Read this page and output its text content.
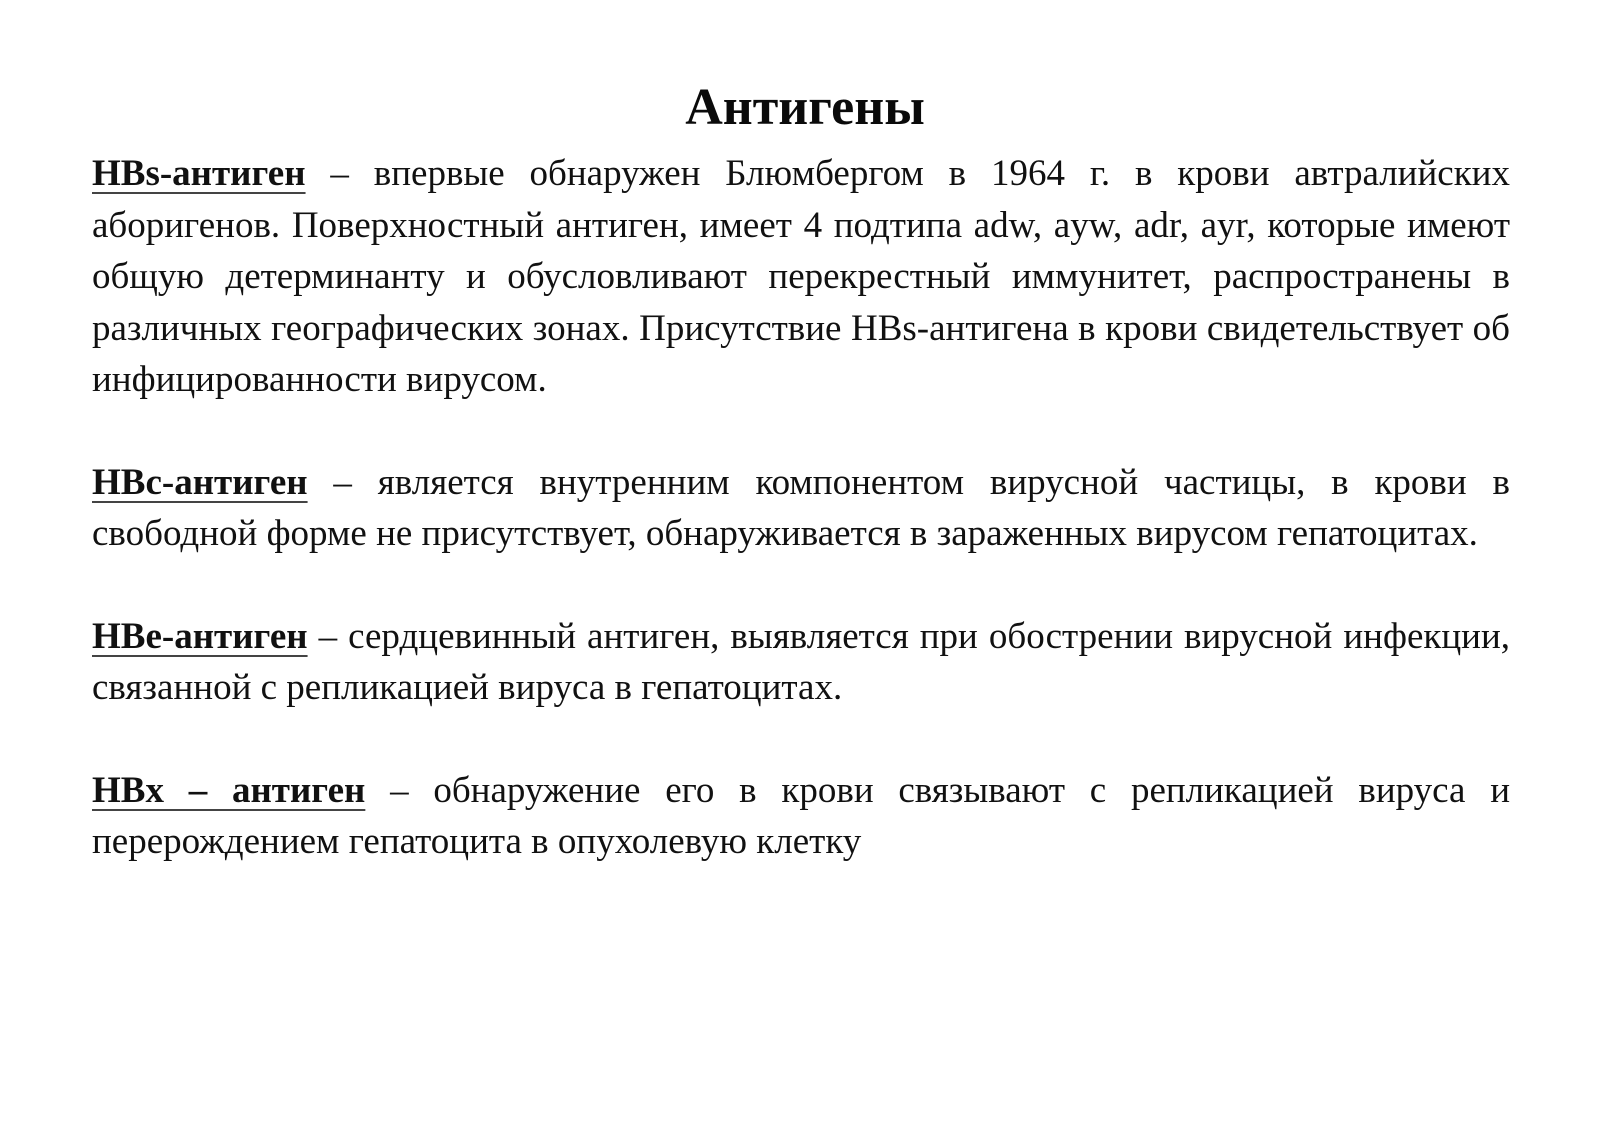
Антигены

HBs-антиген – впервые обнаружен Блюмбергом в 1964 г. в крови автралийских аборигенов. Поверхностный антиген, имеет 4 подтипа adw, ayw, adr, ayr, которые имеют общую детерминанту и обусловливают перекрестный иммунитет, распространены в различных географических зонах. Присутствие HBs-антигена в крови свидетельствует об инфицированности вирусом.

HBc-антиген – является внутренним компонентом вирусной частицы, в крови в свободной форме не присутствует, обнаруживается в зараженных вирусом гепатоцитах.

HBe-антиген – сердцевинный антиген, выявляется при обострении вирусной инфекции, связанной с репликацией вируса в гепатоцитах.

HBx – антиген – обнаружение его в крови связывают с репликацией вируса и перерождением гепатоцита в опухолевую клетку
